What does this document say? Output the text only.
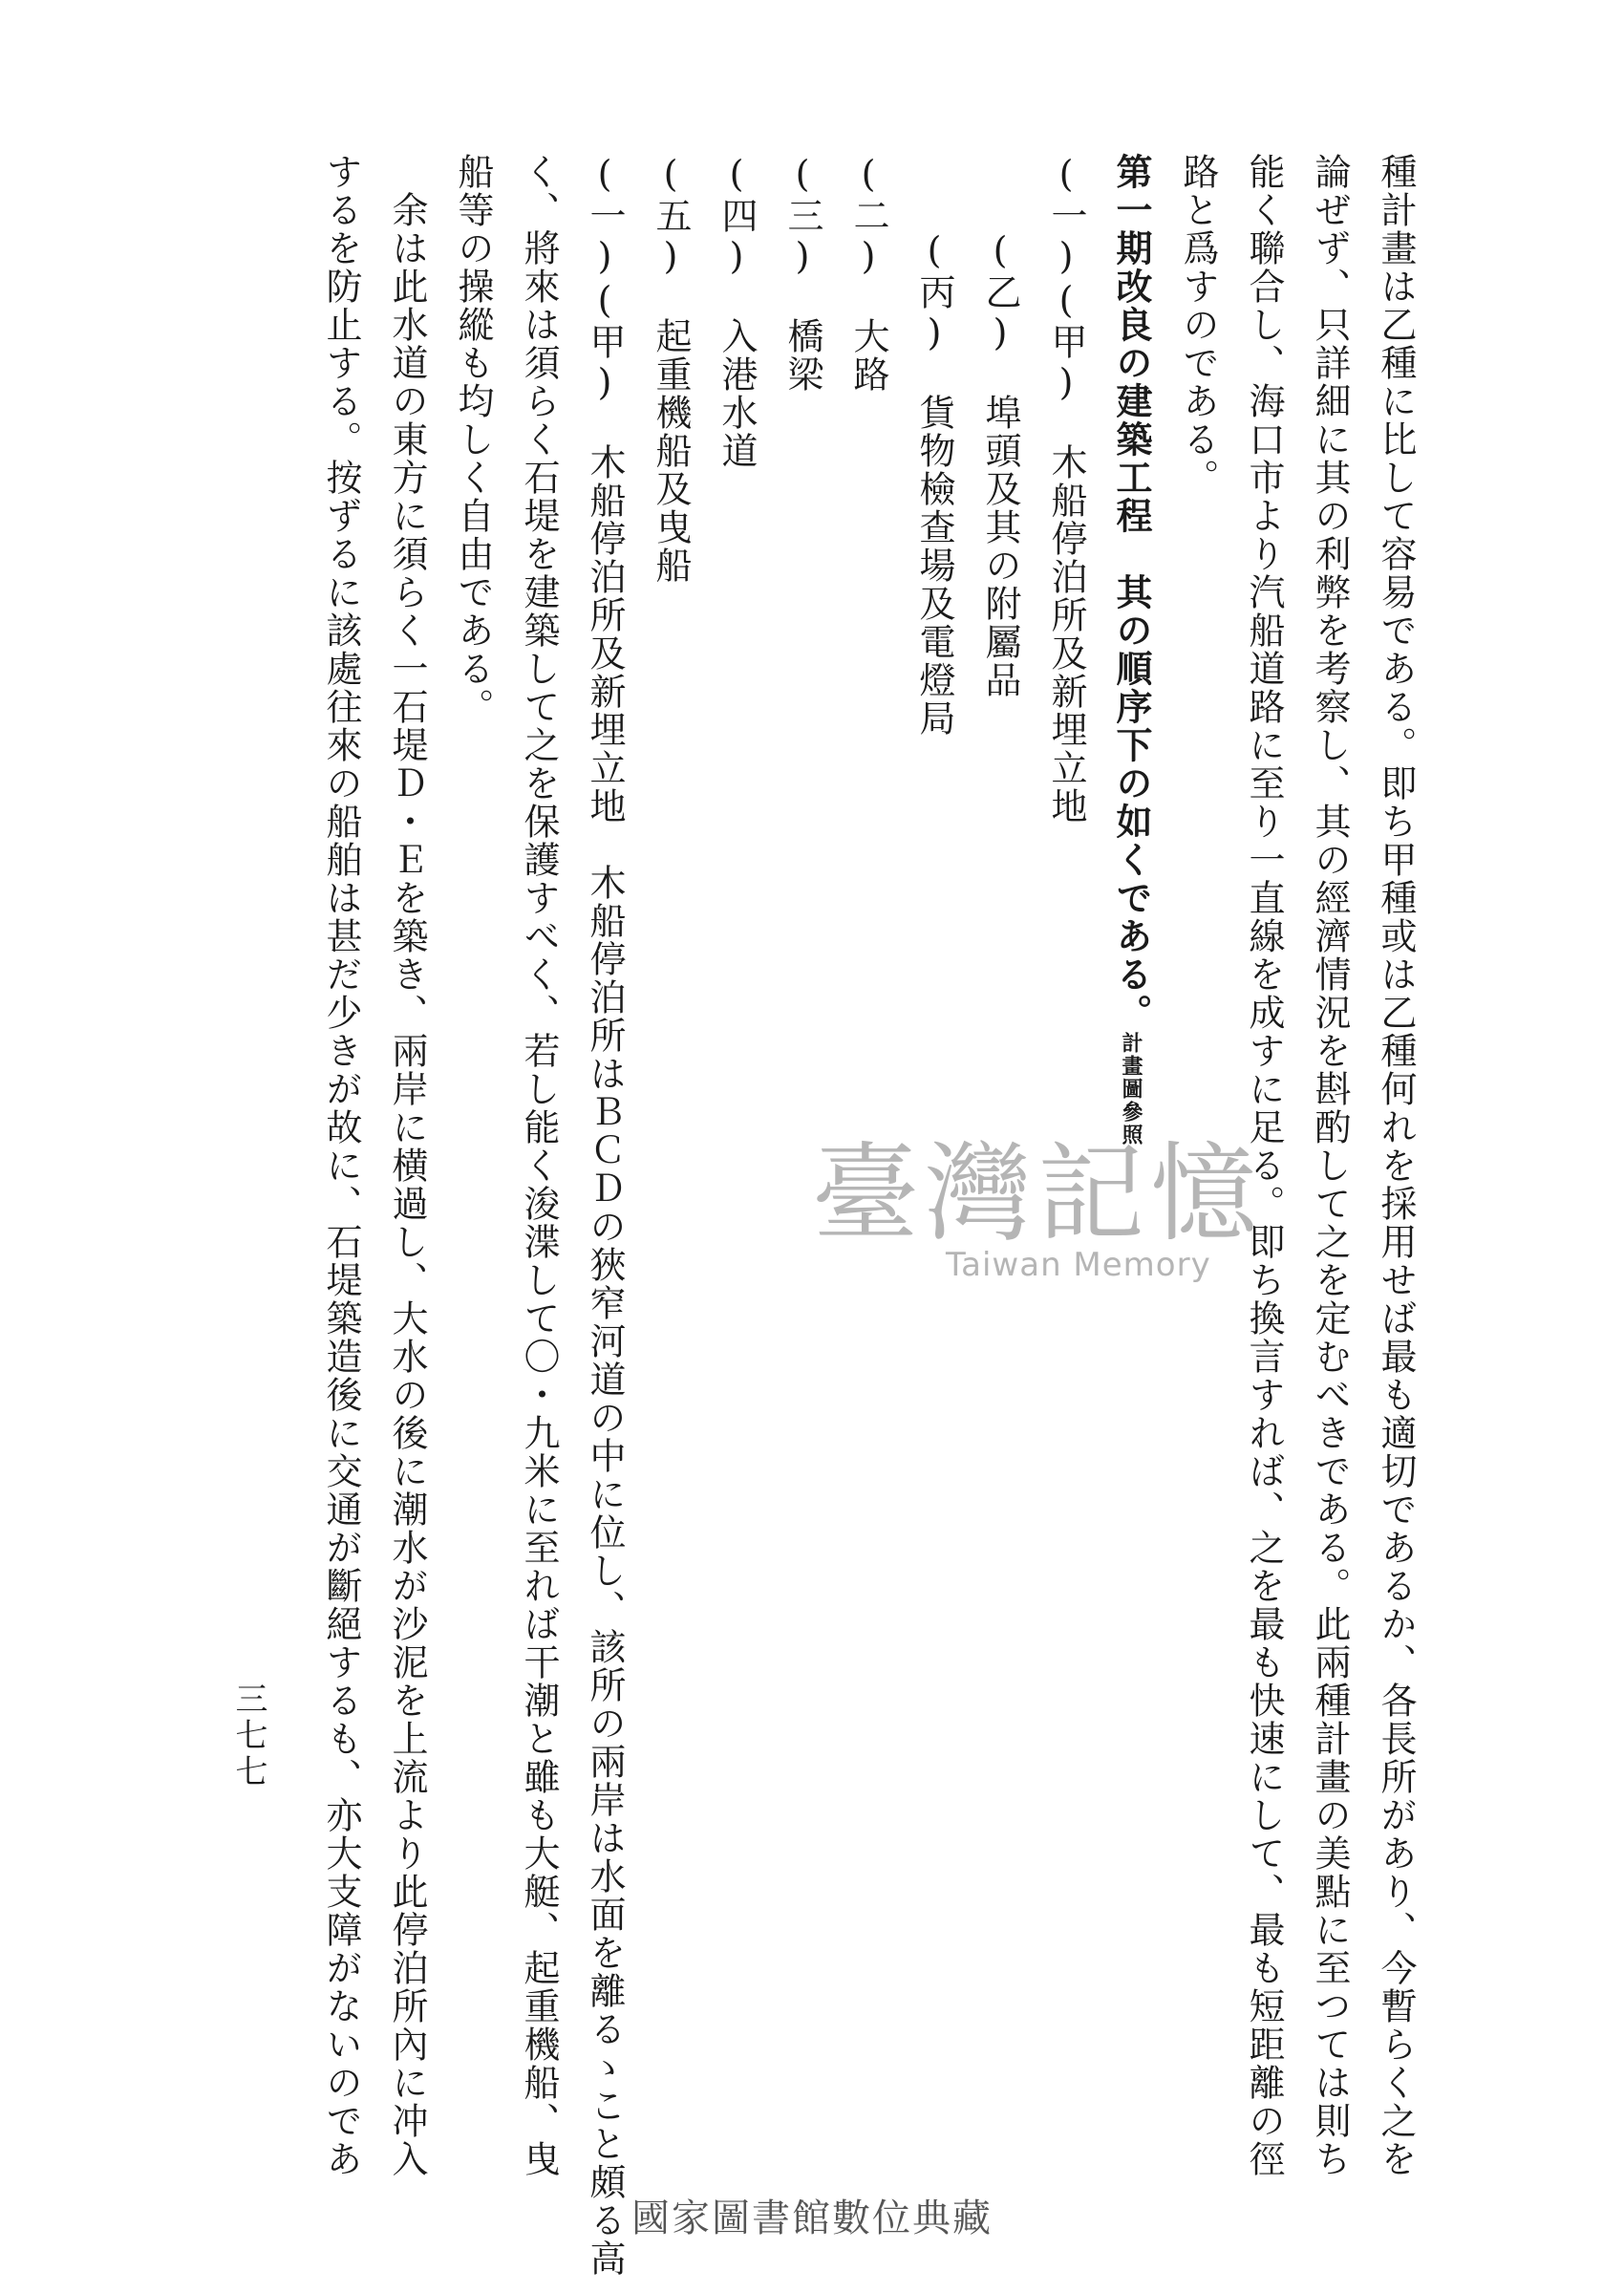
種計畫は乙種に比して容易である。即ち甲種或は乙種何れを採用せば最も適切であるか、各長所があり、今暫らく之を
論ぜず、只詳細に其の利弊を考察し、其の經濟情況を斟酌して之を定むべきである。此兩種計畫の美點に至つては則ち
能く聯合し、海口市より汽船道路に至り一直線を成すに足る。即ち換言すれば、之を最も快速にして、最も短距離の徑
路と爲すのである。
第一期改良の建築工程　其の順序下の如くである。計畫圖參照
(一)(甲)　木船停泊所及新埋立地
　　(乙)　埠頭及其の附屬品
　　(丙)　貨物檢查場及電燈局
(二)　大路
(三)　橋梁
(四)　入港水道
(五)　起重機船及曳船
(一)(甲)　木船停泊所及新埋立地　木船停泊所はＢＣＤの狹窄河道の中に位し、該所の兩岸は水面を離るゝこと頗る高
く、將來は須らく石堤を建築して之を保護すべく、若し能く浚渫して〇・九米に至れば干潮と雖も大艇、起重機船、曳
船等の操縱も均しく自由である。
　余は此水道の東方に須らく一石堤Ｄ・Ｅを築き、兩岸に横過し、大水の後に潮水が沙泥を上流より此停泊所內に冲入
するを防止する。按ずるに該處往來の船舶は甚だ少きが故に、石堤築造後に交通が斷絕するも、亦大支障がないのであ
三七七
臺灣記憶
Taiwan Memory
國家圖書館數位典藏
